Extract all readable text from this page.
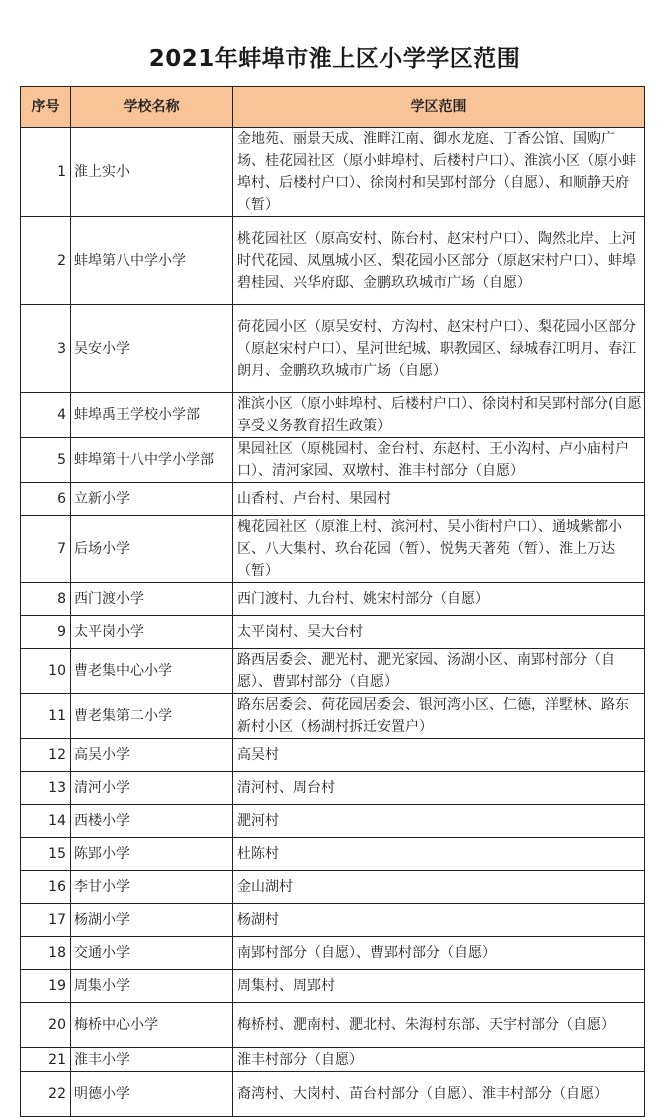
2021年蚌埠市淮上区小学学区范围
序号	学校名称	学区范围
1	淮上实小	金地苑、丽景天成、淮畔江南、御水龙庭、丁香公馆、国购广场、桂花园社区（原小蚌埠村、后楼村户口）、淮滨小区（原小蚌埠村、后楼村户口）、徐岗村和吴郢村部分（自愿）、和顺静天府（暂）
2	蚌埠第八中学小学	桃花园社区（原高安村、陈台村、赵宋村户口）、陶然北岸、上河时代花园、凤凰城小区、梨花园小区部分（原赵宋村户口）、蚌埠碧桂园、兴华府邸、金鹏玖玖城市广场（自愿）
3	吴安小学	荷花园小区（原吴安村、方沟村、赵宋村户口）、梨花园小区部分（原赵宋村户口）、星河世纪城、职教园区、绿城春江明月、春江朗月、金鹏玖玖城市广场（自愿）
4	蚌埠禹王学校小学部	淮滨小区（原小蚌埠村、后楼村户口）、徐岗村和吴郢村部分(自愿享受义务教育招生政策）
5	蚌埠第十八中学小学部	果园社区（原桃园村、金台村、东赵村、王小沟村、卢小庙村户口）、清河家园、双墩村、淮丰村部分（自愿）
6	立新小学	山香村、卢台村、果园村
7	后场小学	槐花园社区（原淮上村、滨河村、吴小街村户口）、通城紫都小区、八大集村、玖台花园（暂）、悦隽天著苑（暂）、淮上万达（暂）
8	西门渡小学	西门渡村、九台村、姚宋村部分（自愿）
9	太平岗小学	太平岗村、吴大台村
10	曹老集中心小学	路西居委会、淝光村、淝光家园、汤湖小区、南郢村部分（自愿）、曹郢村部分（自愿）
11	曹老集第二小学	路东居委会、荷花园居委会、银河湾小区、仁德，洋墅林、路东新村小区（杨湖村拆迁安置户）
12	高吴小学	高吴村
13	清河小学	清河村、周台村
14	西楼小学	淝河村
15	陈郢小学	杜陈村
16	李甘小学	金山湖村
17	杨湖小学	杨湖村
18	交通小学	南郢村部分（自愿）、曹郢村部分（自愿）
19	周集小学	周集村、周郢村
20	梅桥中心小学	梅桥村、淝南村、淝北村、朱海村东部、天宇村部分（自愿）
21	淮丰小学	淮丰村部分（自愿）
22	明德小学	裔湾村、大岗村、苗台村部分（自愿）、淮丰村部分（自愿）
